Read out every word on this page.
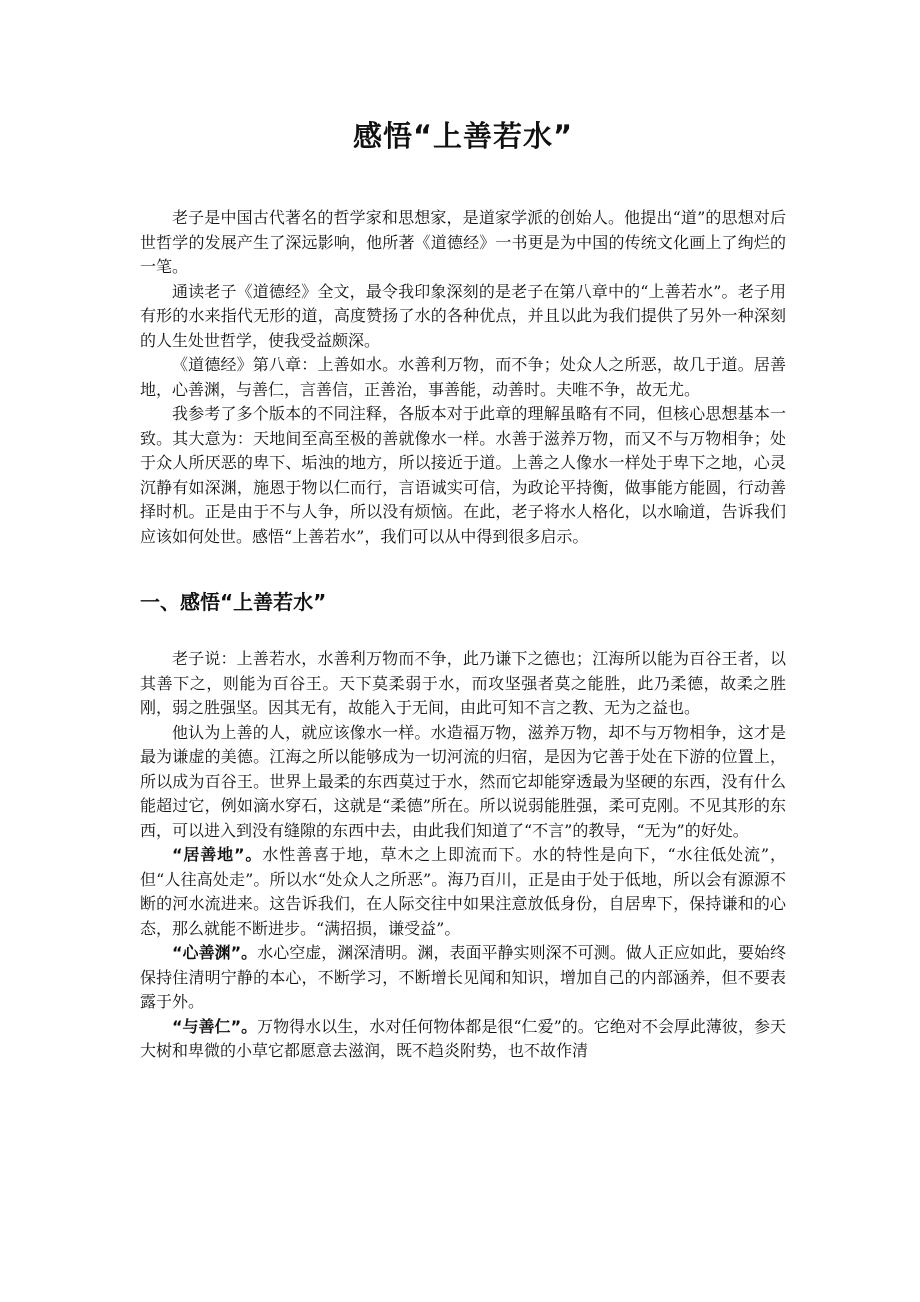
感悟“上善若水”

老子是中国古代著名的哲学家和思想家，是道家学派的创始人。他提出“道”的思想对后世哲学的发展产生了深远影响，他所著《道德经》一书更是为中国的传统文化画上了绚烂的一笔。

通读老子《道德经》全文，最令我印象深刻的是老子在第八章中的“上善若水”。老子用有形的水来指代无形的道，高度赞扬了水的各种优点，并且以此为我们提供了另外一种深刻的人生处世哲学，使我受益颇深。

《道德经》第八章：上善如水。水善利万物，而不争；处众人之所恶，故几于道。居善地，心善渊，与善仁，言善信，正善治，事善能，动善时。夫唯不争，故无尤。

我参考了多个版本的不同注释，各版本对于此章的理解虽略有不同，但核心思想基本一致。其大意为：天地间至高至极的善就像水一样。水善于滋养万物，而又不与万物相争；处于众人所厌恶的卑下、垢浊的地方，所以接近于道。上善之人像水一样处于卑下之地，心灵沉静有如深渊，施恩于物以仁而行，言语诚实可信，为政论平持衡，做事能方能圆，行动善择时机。正是由于不与人争，所以没有烦恼。在此，老子将水人格化，以水喻道，告诉我们应该如何处世。感悟“上善若水”，我们可以从中得到很多启示。

一、感悟“上善若水”

老子说：上善若水，水善利万物而不争，此乃谦下之德也；江海所以能为百谷王者，以其善下之，则能为百谷王。天下莫柔弱于水，而攻坚强者莫之能胜，此乃柔德，故柔之胜刚，弱之胜强坚。因其无有，故能入于无间，由此可知不言之教、无为之益也。

他认为上善的人，就应该像水一样。水造福万物，滋养万物，却不与万物相争，这才是最为谦虚的美德。江海之所以能够成为一切河流的归宿，是因为它善于处在下游的位置上，所以成为百谷王。世界上最柔的东西莫过于水，然而它却能穿透最为坚硬的东西，没有什么能超过它，例如滴水穿石，这就是“柔德”所在。所以说弱能胜强，柔可克刚。不见其形的东西，可以进入到没有缝隙的东西中去，由此我们知道了“不言”的教导，“无为”的好处。

“居善地”。水性善喜于地，草木之上即流而下。水的特性是向下，“水往低处流”，但“人往高处走”。所以水“处众人之所恶”。海乃百川，正是由于处于低地，所以会有源源不断的河水流进来。这告诉我们，在人际交往中如果注意放低身份，自居卑下，保持谦和的心态，那么就能不断进步。“满招损，谦受益”。

“心善渊”。水心空虚，渊深清明。渊，表面平静实则深不可测。做人正应如此，要始终保持住清明宁静的本心，不断学习，不断增长见闻和知识，增加自己的内部涵养，但不要表露于外。

“与善仁”。万物得水以生，水对任何物体都是很“仁爱”的。它绝对不会厚此薄彼，参天大树和卑微的小草它都愿意去滋润，既不趋炎附势，也不故作清
